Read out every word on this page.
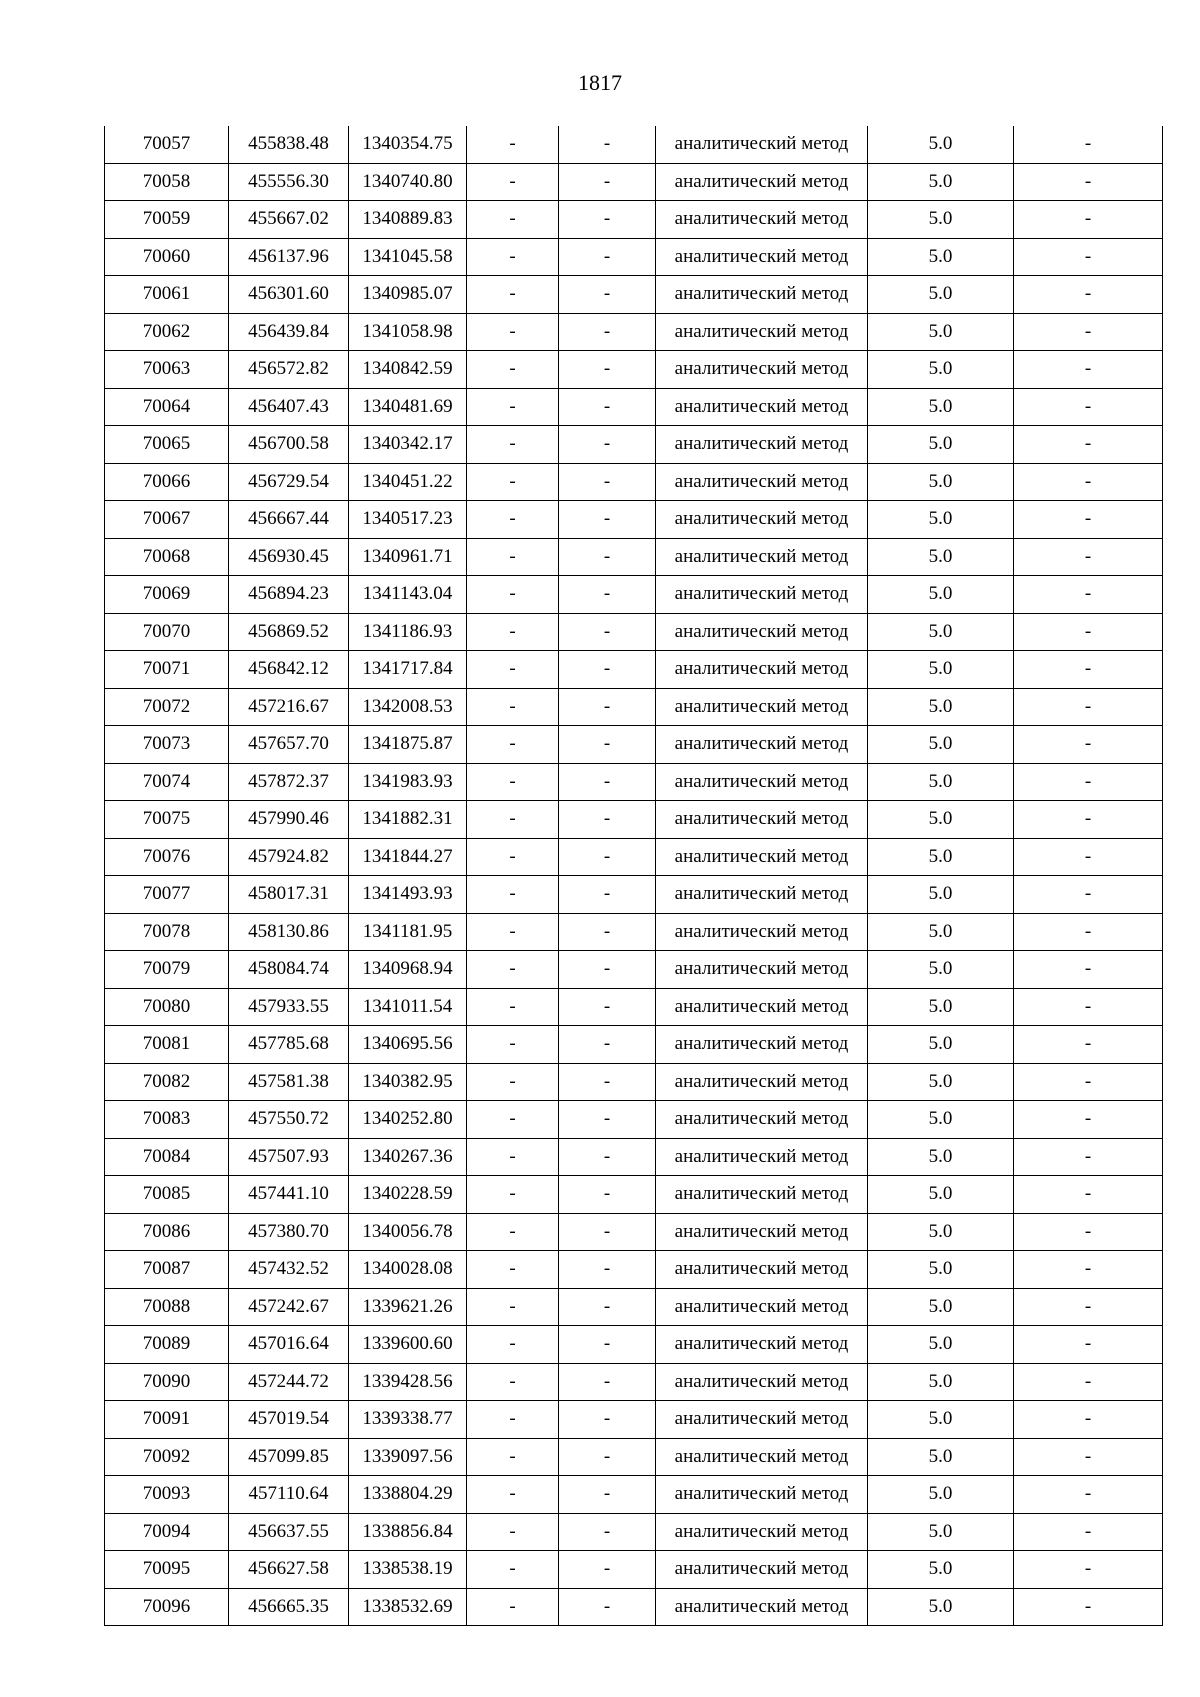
1817
70057	455838.48	1340354.75	-	-	аналитический метод	5.0	-
70058	455556.30	1340740.80	-	-	аналитический метод	5.0	-
70059	455667.02	1340889.83	-	-	аналитический метод	5.0	-
70060	456137.96	1341045.58	-	-	аналитический метод	5.0	-
70061	456301.60	1340985.07	-	-	аналитический метод	5.0	-
70062	456439.84	1341058.98	-	-	аналитический метод	5.0	-
70063	456572.82	1340842.59	-	-	аналитический метод	5.0	-
70064	456407.43	1340481.69	-	-	аналитический метод	5.0	-
70065	456700.58	1340342.17	-	-	аналитический метод	5.0	-
70066	456729.54	1340451.22	-	-	аналитический метод	5.0	-
70067	456667.44	1340517.23	-	-	аналитический метод	5.0	-
70068	456930.45	1340961.71	-	-	аналитический метод	5.0	-
70069	456894.23	1341143.04	-	-	аналитический метод	5.0	-
70070	456869.52	1341186.93	-	-	аналитический метод	5.0	-
70071	456842.12	1341717.84	-	-	аналитический метод	5.0	-
70072	457216.67	1342008.53	-	-	аналитический метод	5.0	-
70073	457657.70	1341875.87	-	-	аналитический метод	5.0	-
70074	457872.37	1341983.93	-	-	аналитический метод	5.0	-
70075	457990.46	1341882.31	-	-	аналитический метод	5.0	-
70076	457924.82	1341844.27	-	-	аналитический метод	5.0	-
70077	458017.31	1341493.93	-	-	аналитический метод	5.0	-
70078	458130.86	1341181.95	-	-	аналитический метод	5.0	-
70079	458084.74	1340968.94	-	-	аналитический метод	5.0	-
70080	457933.55	1341011.54	-	-	аналитический метод	5.0	-
70081	457785.68	1340695.56	-	-	аналитический метод	5.0	-
70082	457581.38	1340382.95	-	-	аналитический метод	5.0	-
70083	457550.72	1340252.80	-	-	аналитический метод	5.0	-
70084	457507.93	1340267.36	-	-	аналитический метод	5.0	-
70085	457441.10	1340228.59	-	-	аналитический метод	5.0	-
70086	457380.70	1340056.78	-	-	аналитический метод	5.0	-
70087	457432.52	1340028.08	-	-	аналитический метод	5.0	-
70088	457242.67	1339621.26	-	-	аналитический метод	5.0	-
70089	457016.64	1339600.60	-	-	аналитический метод	5.0	-
70090	457244.72	1339428.56	-	-	аналитический метод	5.0	-
70091	457019.54	1339338.77	-	-	аналитический метод	5.0	-
70092	457099.85	1339097.56	-	-	аналитический метод	5.0	-
70093	457110.64	1338804.29	-	-	аналитический метод	5.0	-
70094	456637.55	1338856.84	-	-	аналитический метод	5.0	-
70095	456627.58	1338538.19	-	-	аналитический метод	5.0	-
70096	456665.35	1338532.69	-	-	аналитический метод	5.0	-
